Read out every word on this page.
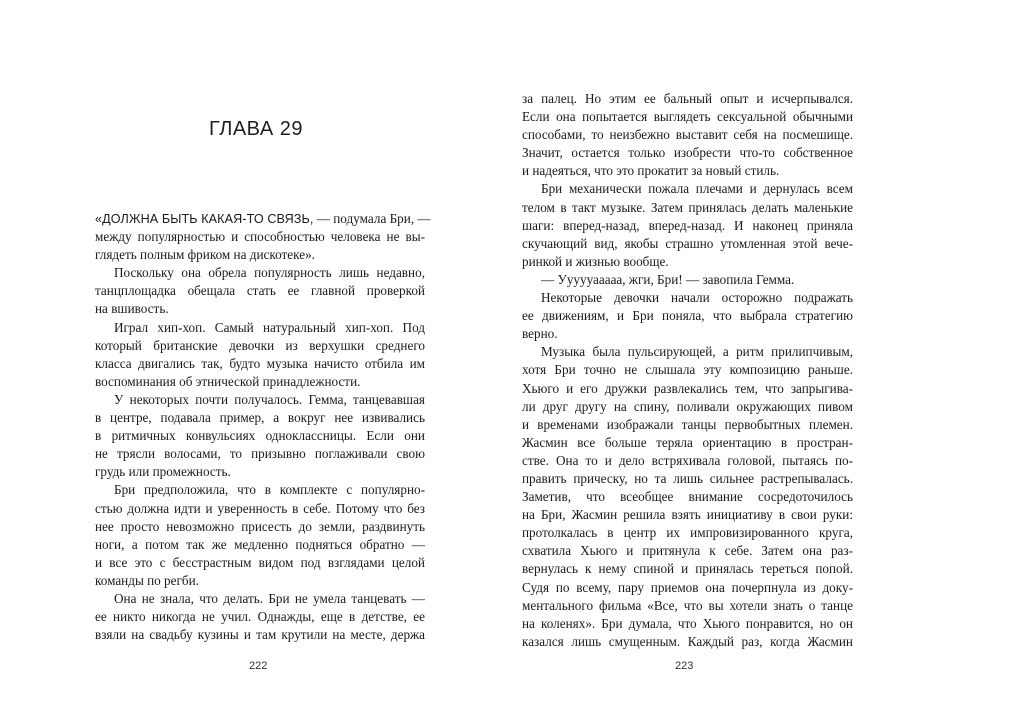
ГЛАВА 29

«ДОЛЖНА БЫТЬ КАКАЯ-ТО СВЯЗЬ, — подумала Бри, —
между популярностью и способностью человека не вы-
глядеть полным фриком на дискотеке».

Поскольку она обрела популярность лишь недавно,
танцплощадка обещала стать ее главной проверкой
на вшивость.

Играл хип-хоп. Самый натуральный хип-хоп. Под
который британские девочки из верхушки среднего
класса двигались так, будто музыка начисто отбила им
воспоминания об этнической принадлежности.

У некоторых почти получалось. Гемма, танцевавшая
в центре, подавала пример, а вокруг нее извивались
в ритмичных конвульсиях одноклассницы. Если они
не трясли волосами, то призывно поглаживали свою
грудь или промежность.

Бри предположила, что в комплекте с популярно-
стью должна идти и уверенность в себе. Потому что без
нее просто невозможно присесть до земли, раздвинуть
ноги, а потом так же медленно подняться обратно —
и все это с бесстрастным видом под взглядами целой
команды по регби.

Она не знала, что делать. Бри не умела танцевать —
ее никто никогда не учил. Однажды, еще в детстве, ее
взяли на свадьбу кузины и там крутили на месте, держа

222

за палец. Но этим ее бальный опыт и исчерпывался.
Если она попытается выглядеть сексуальной обычными
способами, то неизбежно выставит себя на посмешище.
Значит, остается только изобрести что-то собственное
и надеяться, что это прокатит за новый стиль.

Бри механически пожала плечами и дернулась всем
телом в такт музыке. Затем принялась делать маленькие
шаги: вперед-назад, вперед-назад. И наконец приняла
скучающий вид, якобы страшно утомленная этой вече-
ринкой и жизнью вообще.

— Уууууааааа, жги, Бри! — завопила Гемма.

Некоторые девочки начали осторожно подражать
ее движениям, и Бри поняла, что выбрала стратегию
верно.

Музыка была пульсирующей, а ритм прилипчивым,
хотя Бри точно не слышала эту композицию раньше.
Хьюго и его дружки развлекались тем, что запрыгива-
ли друг другу на спину, поливали окружающих пивом
и временами изображали танцы первобытных племен.
Жасмин все больше теряла ориентацию в простран-
стве. Она то и дело встряхивала головой, пытаясь по-
править прическу, но та лишь сильнее растрепывалась.
Заметив, что всеобщее внимание сосредоточилось
на Бри, Жасмин решила взять инициативу в свои руки:
протолкалась в центр их импровизированного круга,
схватила Хьюго и притянула к себе. Затем она раз-
вернулась к нему спиной и принялась тереться попой.
Судя по всему, пару приемов она почерпнула из доку-
ментального фильма «Все, что вы хотели знать о танце
на коленях». Бри думала, что Хьюго понравится, но он
казался лишь смущенным. Каждый раз, когда Жасмин

223
